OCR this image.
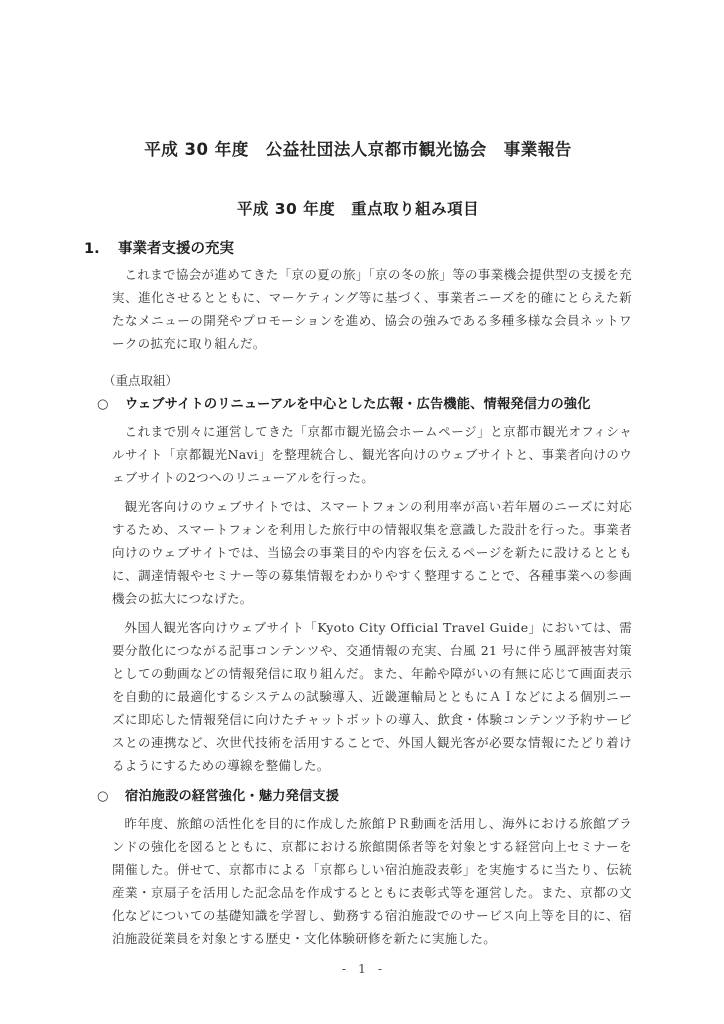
平成 30 年度　公益社団法人京都市観光協会　事業報告
平成 30 年度　重点取り組み項目
1.	事業者支援の充実

これまで協会が進めてきた「京の夏の旅」「京の冬の旅」等の事業機会提供型の支援を充実、進化させるとともに、マーケティング等に基づく、事業者ニーズを的確にとらえた新たなメニューの開発やプロモーションを進め、協会の強みである多種多様な会員ネットワークの拡充に取り組んだ。

（重点取組）
○	ウェブサイトのリニューアルを中心とした広報・広告機能、情報発信力の強化

これまで別々に運営してきた「京都市観光協会ホームページ」と京都市観光オフィシャルサイト「京都観光Navi」を整理統合し、観光客向けのウェブサイトと、事業者向けのウェブサイトの2つへのリニューアルを行った。

観光客向けのウェブサイトでは、スマートフォンの利用率が高い若年層のニーズに対応するため、スマートフォンを利用した旅行中の情報収集を意識した設計を行った。事業者向けのウェブサイトでは、当協会の事業目的や内容を伝えるページを新たに設けるとともに、調達情報やセミナー等の募集情報をわかりやすく整理することで、各種事業への参画機会の拡大につなげた。

外国人観光客向けウェブサイト「Kyoto City Official Travel Guide」においては、需要分散化につながる記事コンテンツや、交通情報の充実、台風 21 号に伴う風評被害対策としての動画などの情報発信に取り組んだ。また、年齢や障がいの有無に応じて画面表示を自動的に最適化するシステムの試験導入、近畿運輸局とともにＡＩなどによる個別ニーズに即応した情報発信に向けたチャットボットの導入、飲食・体験コンテンツ予約サービスとの連携など、次世代技術を活用することで、外国人観光客が必要な情報にたどり着けるようにするための導線を整備した。

○	宿泊施設の経営強化・魅力発信支援

昨年度、旅館の活性化を目的に作成した旅館ＰＲ動画を活用し、海外における旅館ブランドの強化を図るとともに、京都における旅館関係者等を対象とする経営向上セミナーを開催した。併せて、京都市による「京都らしい宿泊施設表彰」を実施するに当たり、伝統産業・京扇子を活用した記念品を作成するとともに表彰式等を運営した。また、京都の文化などについての基礎知識を学習し、勤務する宿泊施設でのサービス向上等を目的に、宿泊施設従業員を対象とする歴史・文化体験研修を新たに実施した。

- 1 -
